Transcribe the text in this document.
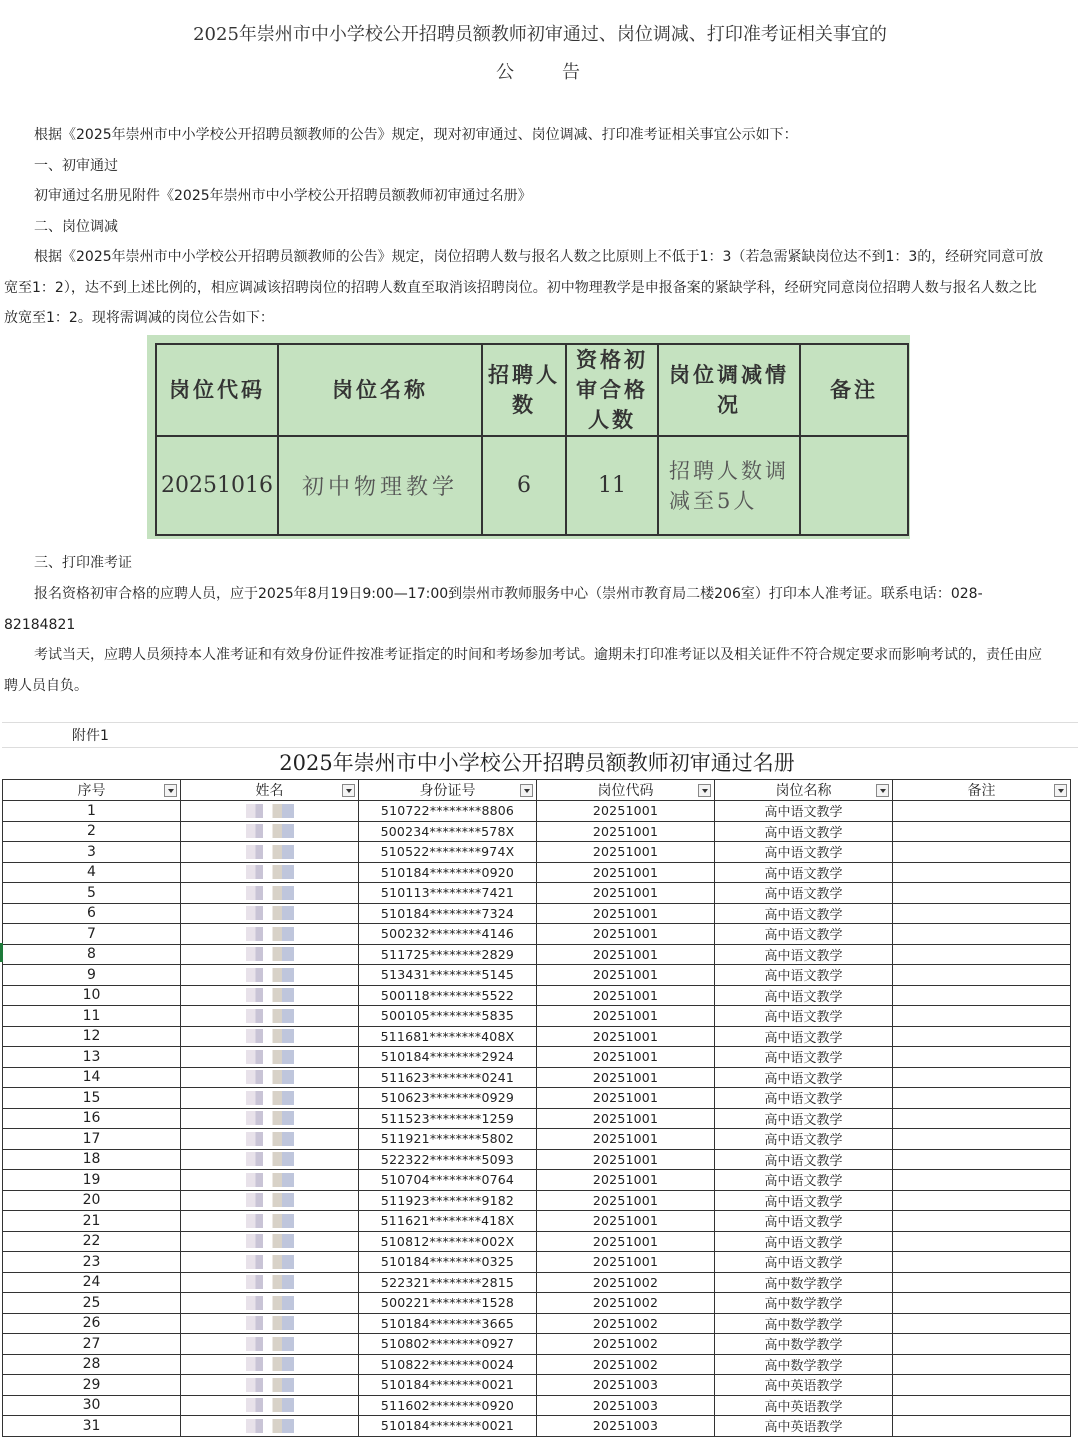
2025年崇州市中小学校公开招聘员额教师初审通过、岗位调减、打印准考证相关事宜的
公　　告
根据《2025年崇州市中小学校公开招聘员额教师的公告》规定，现对初审通过、岗位调减、打印准考证相关事宜公示如下：
一、初审通过
初审通过名册见附件《2025年崇州市中小学校公开招聘员额教师初审通过名册》
二、岗位调减
根据《2025年崇州市中小学校公开招聘员额教师的公告》规定，岗位招聘人数与报名人数之比原则上不低于1：3（若急需紧缺岗位达不到1：3的，经研究同意可放宽至1：2），达不到上述比例的，相应调减该招聘岗位的招聘人数直至取消该招聘岗位。初中物理教学是申报备案的紧缺学科，经研究同意岗位招聘人数与报名人数之比放宽至1：2。现将需调减的岗位公告如下：
岗位代码	岗位名称	招聘人数	资格初审合格人数	岗位调减情况	备注
20251016	初中物理教学	6	11	招聘人数调减至5人	
三、打印准考证
报名资格初审合格的应聘人员，应于2025年8月19日9:00—17:00到崇州市教师服务中心（崇州市教育局二楼206室）打印本人准考证。联系电话：028-82184821
考试当天，应聘人员须持本人准考证和有效身份证件按准考证指定的时间和考场参加考试。逾期未打印准考证以及相关证件不符合规定要求而影响考试的，责任由应聘人员自负。
附件1
2025年崇州市中小学校公开招聘员额教师初审通过名册
序号	姓名	身份证号	岗位代码	岗位名称	备注

1		510722********8806	20251001	高中语文教学	
2		500234********578X	20251001	高中语文教学	
3		510522********974X	20251001	高中语文教学	
4		510184********0920	20251001	高中语文教学	
5		510113********7421	20251001	高中语文教学	
6		510184********7324	20251001	高中语文教学	
7		500232********4146	20251001	高中语文教学	
8		511725********2829	20251001	高中语文教学	
9		513431********5145	20251001	高中语文教学	
10		500118********5522	20251001	高中语文教学	
11		500105********5835	20251001	高中语文教学	
12		511681********408X	20251001	高中语文教学	
13		510184********2924	20251001	高中语文教学	
14		511623********0241	20251001	高中语文教学	
15		510623********0929	20251001	高中语文教学	
16		511523********1259	20251001	高中语文教学	
17		511921********5802	20251001	高中语文教学	
18		522322********5093	20251001	高中语文教学	
19		510704********0764	20251001	高中语文教学	
20		511923********9182	20251001	高中语文教学	
21		511621********418X	20251001	高中语文教学	
22		510812********002X	20251001	高中语文教学	
23		510184********0325	20251001	高中语文教学	
24		522321********2815	20251002	高中数学教学	
25		500221********1528	20251002	高中数学教学	
26		510184********3665	20251002	高中数学教学	
27		510802********0927	20251002	高中数学教学	
28		510822********0024	20251002	高中数学教学	
29		510184********0021	20251003	高中英语教学	
30		511602********0920	20251003	高中英语教学	
31		510184********0021	20251003	高中英语教学	
